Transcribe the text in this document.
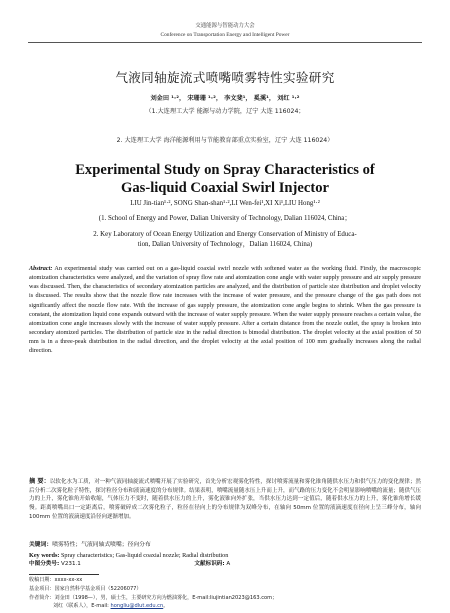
交通能源与智能动力大会
Conference on Transportation Energy and Intelligent Power
气液同轴旋流式喷嘴喷雾特性实验研究
刘金田 ¹·²， 宋珊珊 ¹·²， 李文斐¹， 奚溪¹， 刘红 ¹·²
（1.大连理工大学 能源与动力学院，辽宁 大连 116024；
2. 大连理工大学 海洋能源利用与节能教育部重点实验室，辽宁 大连 116024）
Experimental Study on Spray Characteristics of
Gas-liquid Coaxial Swirl Injector
LIU Jin-tian¹·², SONG Shan-shan¹·²,LI Wen-fei¹,XI Xi¹,LIU Hong¹·²
(1. School of Energy and Power, Dalian University of Technology, Dalian 116024, China；
2. Key Laboratory of Ocean Energy Utilization and Energy Conservation of Ministry of Educa-
tion, Dalian University of Technology，Dalian 116024, China)
Abstract: An experimental study was carried out on a gas-liquid coaxial swirl nozzle with softened water as the working fluid. Firstly, the macroscopic atomization characteristics were analyzed, and the variation of spray flow rate and atomization cone angle with water supply pressure and air supply pressure was discussed. Then, the characteristics of secondary atomization particles are analyzed, and the distribution of particle size distribution and droplet velocity is discussed. The results show that the nozzle flow rate increases with the increase of water pressure, and the pressure change of the gas path does not significantly affect the nozzle flow rate. With the increase of gas supply pressure, the atomization cone angle begins to shrink. When the gas pressure is constant, the atomization liquid cone expands outward with the increase of water supply pressure. When the water supply pressure reaches a certain value, the atomization cone angle increases slowly with the increase of water supply pressure. After a certain distance from the nozzle outlet, the spray is broken into secondary atomized particles. The distribution of particle size in the radial direction is bimodal distribution. The droplet velocity at the axial position of 50 mm is in a three-peak distribution in the radial direction, and the droplet velocity at the axial position of 100 mm gradually increases along the radial direction.
摘 要：以软化水为工质，对一种气液同轴旋流式喷嘴开展了实验研究，首先分析宏观雾化特性，探讨喷雾流量和雾化锥角随供水压力和供气压力的变化规律；然后分析二次雾化粒子特性，探讨粒径分布和液滴速度的分布规律。结果表明，喷嘴流量随水压上升而上升，而气路的压力变化不会明显影响喷嘴的流量；随供气压力的上升，雾化锥角开始收缩，气体压力不变时，随着供水压力的上升，雾化液锥向外扩张，当供水压力达到一定值后，随着供水压力的上升，雾化锥角增长缓慢。距离喷嘴出口一定距离后，喷雾破碎成二次雾化粒子，粒径在径向上的分布规律为双峰分布，在轴向 50mm 位置的液滴速度在径向上呈三峰分布，轴向 100mm 位置的液滴速度沿径向逐渐增加。
关键词：喷雾特性；气液同轴式喷嘴；径向分布
Key words: Spray characteristics; Gas-liquid coaxial nozzle; Radial distribution
中图分类号: V231.1	文献标识码: A
收稿日期：xxxx-xx-xx
基金项目：国家自然科学基金项目（52206077）
作者简介：刘金田（1998—），男，硕士生，主要研究方向为燃油雾化，E-mail:liujintian2023@163.com；
刘红（联系人），E-mail: hongliu@dlut.edu.cn。
